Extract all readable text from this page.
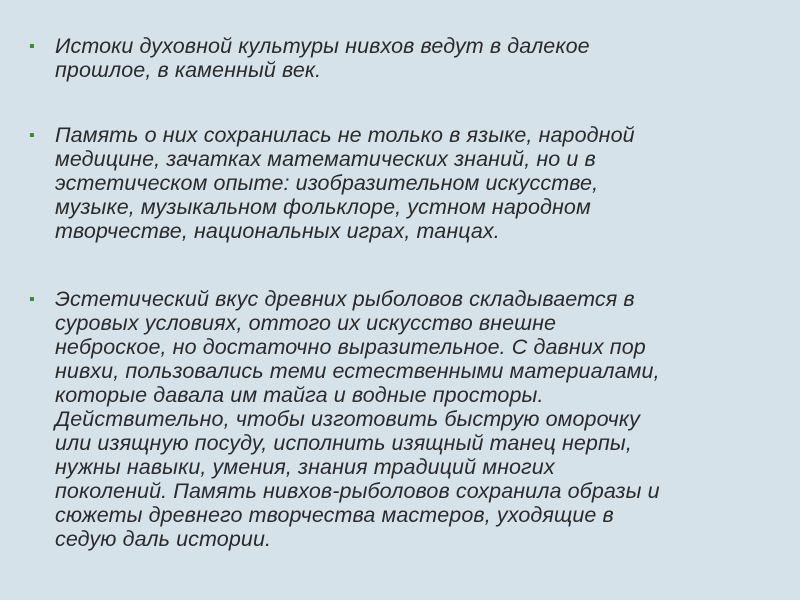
▪ Истоки духовной культуры нивхов ведут в далекое
прошлое, в каменный век.
▪ Память о них сохранилась не только в языке, народной
медицине, зачатках математических знаний, но и в
эстетическом опыте: изобразительном искусстве,
музыке, музыкальном фольклоре, устном народном
творчестве, национальных играх, танцах.
▪ Эстетический вкус древних рыболовов складывается в
суровых условиях, оттого их искусство внешне
неброское, но достаточно выразительное. С давних пор
нивхи, пользовались теми естественными материалами,
которые давала им тайга и водные просторы.
Действительно, чтобы изготовить быструю оморочку
или изящную посуду, исполнить изящный танец нерпы,
нужны навыки, умения, знания традиций многих
поколений. Память нивхов-рыболовов сохранила образы и
сюжеты древнего творчества мастеров, уходящие в
седую даль истории.
